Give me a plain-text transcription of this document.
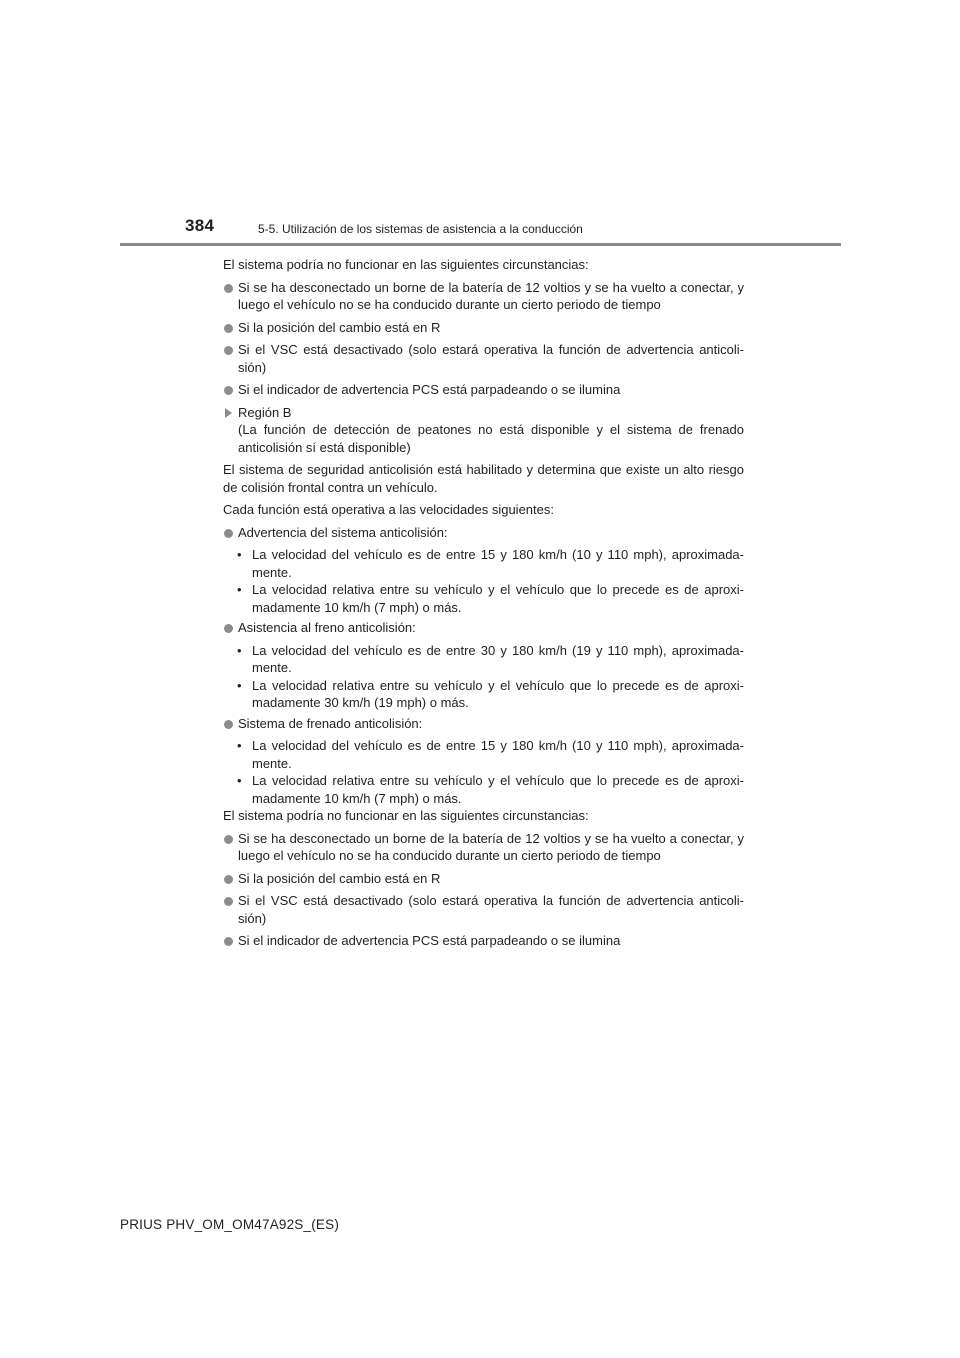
384	5-5. Utilización de los sistemas de asistencia a la conducción

El sistema podría no funcionar en las siguientes circunstancias:

Si se ha desconectado un borne de la batería de 12 voltios y se ha vuelto a conectar, y luego el vehículo no se ha conducido durante un cierto periodo de tiempo
Si la posición del cambio está en R
Si el VSC está desactivado (solo estará operativa la función de advertencia anticoli-sión)
Si el indicador de advertencia PCS está parpadeando o se ilumina
Región B
(La función de detección de peatones no está disponible y el sistema de frenado anticolisión sí está disponible)

El sistema de seguridad anticolisión está habilitado y determina que existe un alto riesgo de colisión frontal contra un vehículo.

Cada función está operativa a las velocidades siguientes:

Advertencia del sistema anticolisión:
• La velocidad del vehículo es de entre 15 y 180 km/h (10 y 110 mph), aproximada-mente.
• La velocidad relativa entre su vehículo y el vehículo que lo precede es de aproxi-madamente 10 km/h (7 mph) o más.
Asistencia al freno anticolisión:
• La velocidad del vehículo es de entre 30 y 180 km/h (19 y 110 mph), aproximada-mente.
• La velocidad relativa entre su vehículo y el vehículo que lo precede es de aproxi-madamente 30 km/h (19 mph) o más.
Sistema de frenado anticolisión:
• La velocidad del vehículo es de entre 15 y 180 km/h (10 y 110 mph), aproximada-mente.
• La velocidad relativa entre su vehículo y el vehículo que lo precede es de aproxi-madamente 10 km/h (7 mph) o más.

El sistema podría no funcionar en las siguientes circunstancias:

Si se ha desconectado un borne de la batería de 12 voltios y se ha vuelto a conectar, y luego el vehículo no se ha conducido durante un cierto periodo de tiempo
Si la posición del cambio está en R
Si el VSC está desactivado (solo estará operativa la función de advertencia anticoli-sión)
Si el indicador de advertencia PCS está parpadeando o se ilumina
PRIUS PHV_OM_OM47A92S_(ES)
